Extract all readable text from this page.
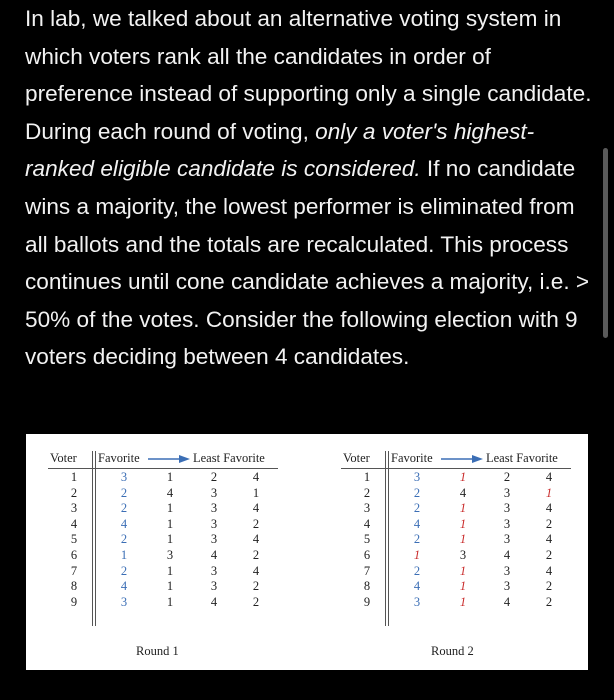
In lab, we talked about an alternative voting system in which voters rank all the candidates in order of preference instead of supporting only a single candidate. During each round of voting, only a voter's highest-ranked eligible candidate is considered. If no candidate wins a majority, the lowest performer is eliminated from all ballots and the totals are recalculated. This process continues until cone candidate achieves a majority, i.e. > 50% of the votes. Consider the following election with 9 voters deciding between 4 candidates.
Voter Favorite	Least Favorite
1	3	1	2	4
2	2	4	3	1
3	2	1	3	4
4	4	1	3	2
5	2	1	3	4
6	1	3	4	2
7	2	1	3	4
8	4	1	3	2
9	3	1	4	2
Round 1
Voter Favorite	Least Favorite
1	3	1	2	4
2	2	4	3	1
3	2	1	3	4
4	4	1	3	2
5	2	1	3	4
6	1	3	4	2
7	2	1	3	4
8	4	1	3	2
9	3	1	4	2
Round 2
